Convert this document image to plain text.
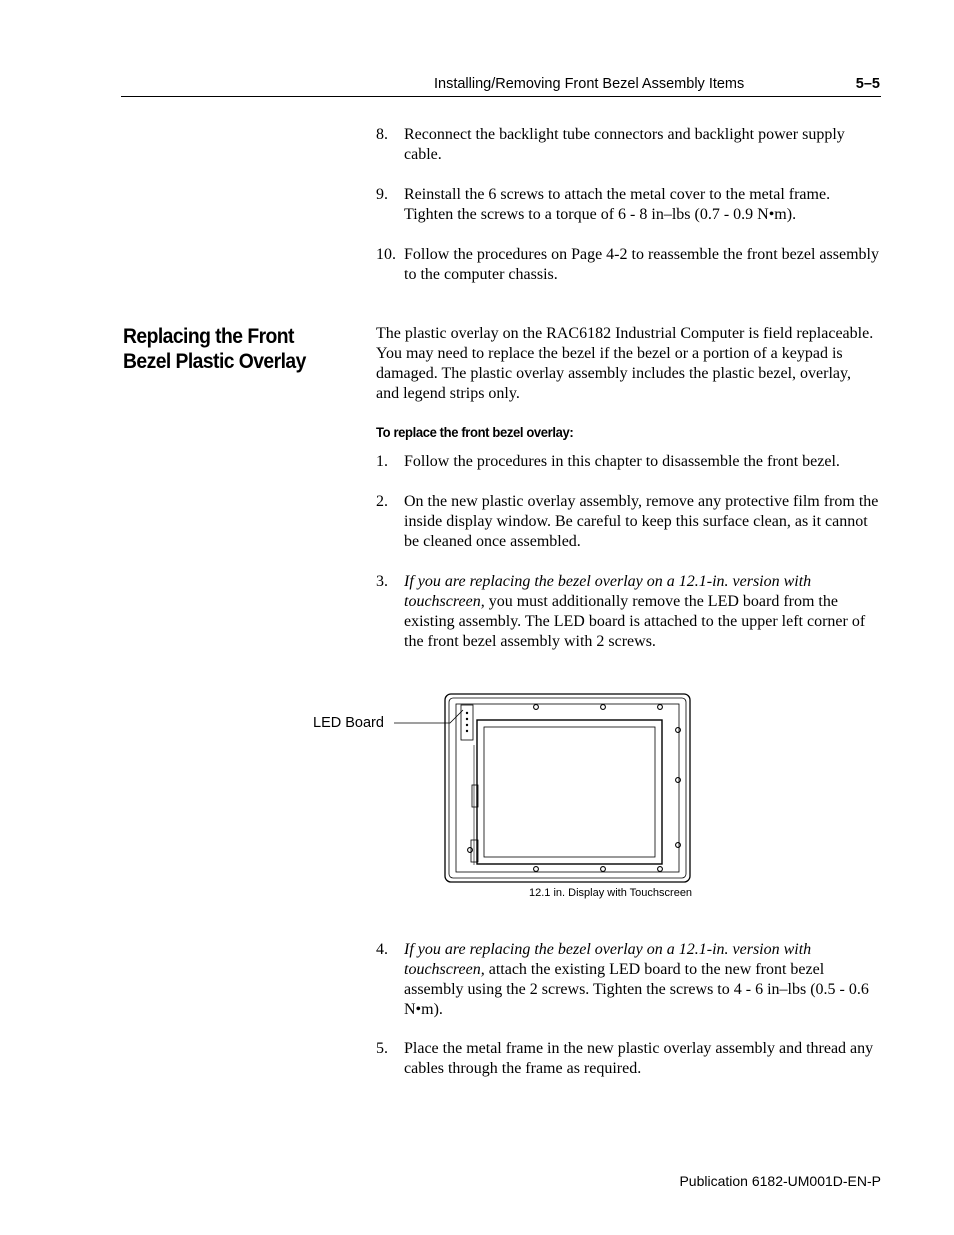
Installing/Removing Front Bezel Assembly Items	5–5
8. Reconnect the backlight tube connectors and backlight power supply cable.
9. Reinstall the 6 screws to attach the metal cover to the metal frame. Tighten the screws to a torque of 6 - 8 in–lbs (0.7 - 0.9 N•m).
10. Follow the procedures on Page 4-2 to reassemble the front bezel assembly to the computer chassis.
Replacing the Front Bezel Plastic Overlay
The plastic overlay on the RAC6182 Industrial Computer is field replaceable. You may need to replace the bezel if the bezel or a portion of a keypad is damaged. The plastic overlay assembly includes the plastic bezel, overlay, and legend strips only.
To replace the front bezel overlay:
1. Follow the procedures in this chapter to disassemble the front bezel.
2. On the new plastic overlay assembly, remove any protective film from the inside display window. Be careful to keep this surface clean, as it cannot be cleaned once assembled.
3. If you are replacing the bezel overlay on a 12.1-in. version with touchscreen, you must additionally remove the LED board from the existing assembly. The LED board is attached to the upper left corner of the front bezel assembly with 2 screws.
LED Board
12.1 in. Display with Touchscreen
4. If you are replacing the bezel overlay on a 12.1-in. version with touchscreen, attach the existing LED board to the new front bezel assembly using the 2 screws. Tighten the screws to 4 - 6 in–lbs (0.5 - 0.6 N•m).
5. Place the metal frame in the new plastic overlay assembly and thread any cables through the frame as required.
Publication 6182-UM001D-EN-P
